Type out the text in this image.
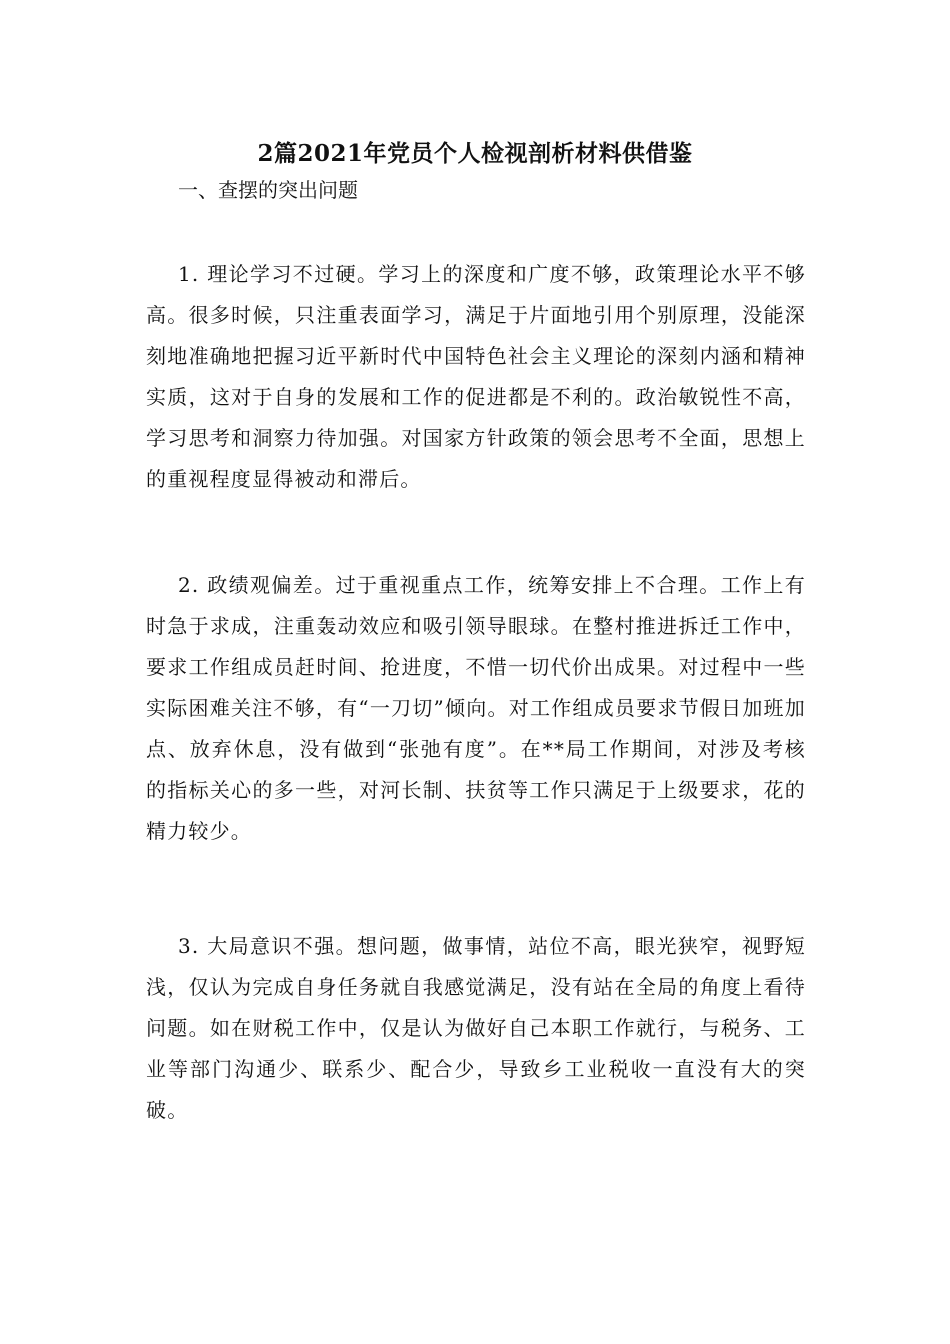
2篇2021年党员个人检视剖析材料供借鉴
一、查摆的突出问题
1. 理论学习不过硬。学习上的深度和广度不够，政策理论水平不够高。很多时候，只注重表面学习，满足于片面地引用个别原理，没能深刻地准确地把握习近平新时代中国特色社会主义理论的深刻内涵和精神实质，这对于自身的发展和工作的促进都是不利的。政治敏锐性不高，学习思考和洞察力待加强。对国家方针政策的领会思考不全面，思想上的重视程度显得被动和滞后。
2. 政绩观偏差。过于重视重点工作，统筹安排上不合理。工作上有时急于求成，注重轰动效应和吸引领导眼球。在整村推进拆迁工作中，要求工作组成员赶时间、抢进度，不惜一切代价出成果。对过程中一些实际困难关注不够，有“一刀切”倾向。对工作组成员要求节假日加班加点、放弃休息，没有做到“张弛有度”。在**局工作期间，对涉及考核的指标关心的多一些，对河长制、扶贫等工作只满足于上级要求，花的精力较少。
3. 大局意识不强。想问题，做事情，站位不高，眼光狭窄，视野短浅，仅认为完成自身任务就自我感觉满足，没有站在全局的角度上看待问题。如在财税工作中，仅是认为做好自己本职工作就行，与税务、工业等部门沟通少、联系少、配合少，导致乡工业税收一直没有大的突破。
